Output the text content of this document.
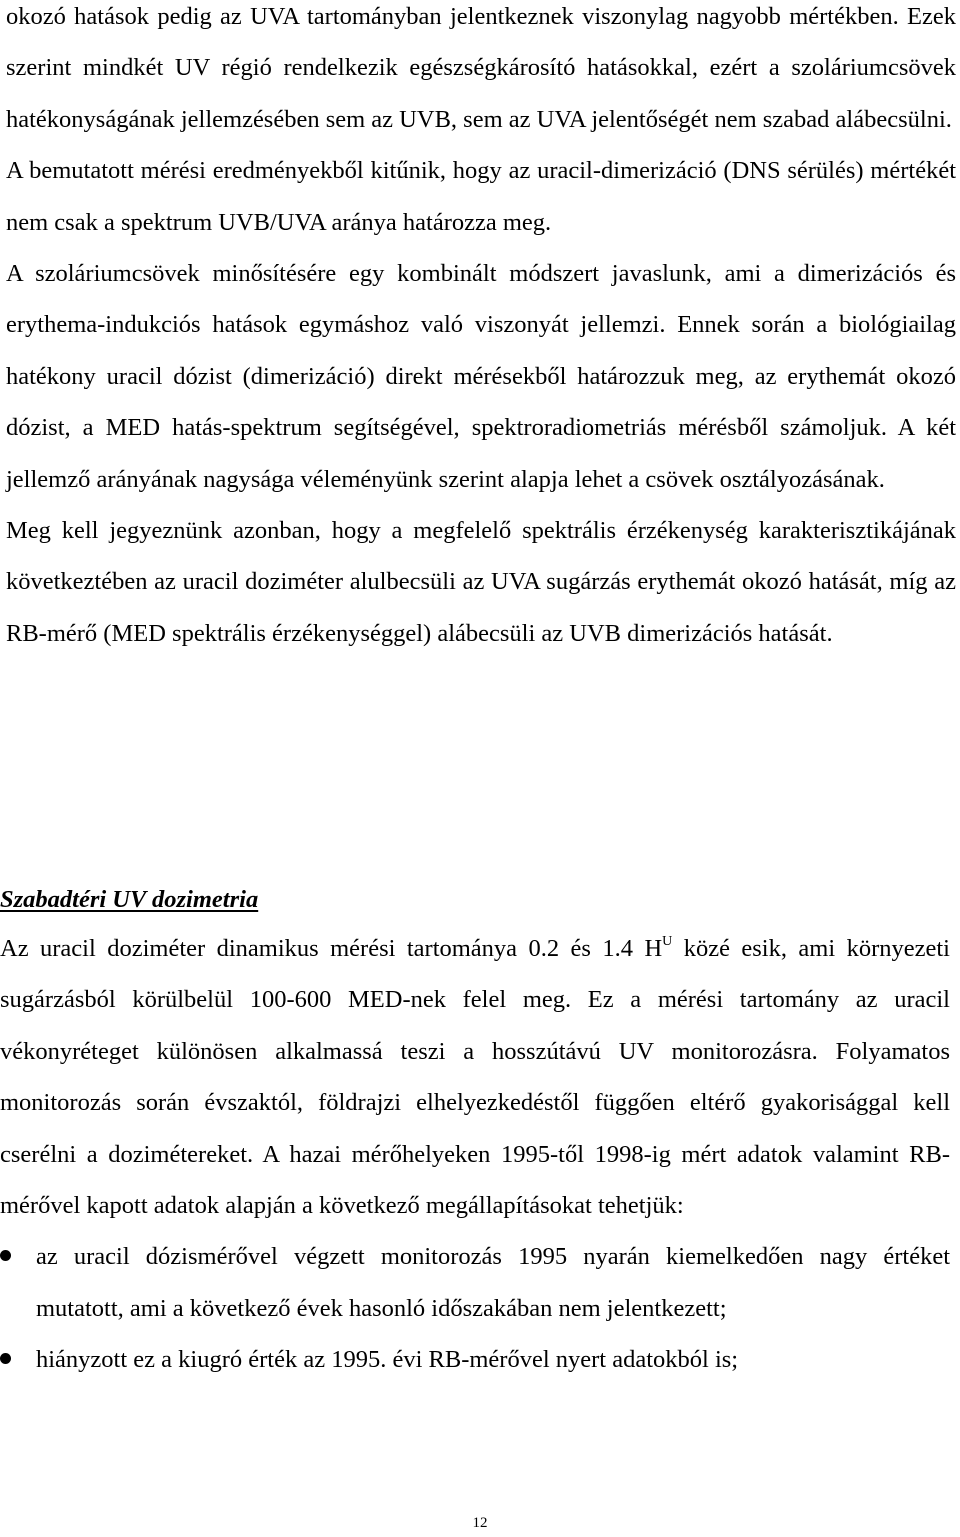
okozó hatások pedig az UVA tartományban jelentkeznek viszonylag nagyobb mértékben. Ezek szerint mindkét UV régió rendelkezik egészségkárosító hatásokkal, ezért a szoláriumcsövek hatékonyságának jellemzésében sem az UVB, sem az UVA jelentőségét nem szabad alábecsülni.

A bemutatott mérési eredményekből kitűnik, hogy az uracil-dimerizáció (DNS sérülés) mértékét nem csak a spektrum UVB/UVA aránya határozza meg.

A szoláriumcsövek minősítésére egy kombinált módszert javaslunk, ami a dimerizációs és erythema-indukciós hatások egymáshoz való viszonyát jellemzi. Ennek során a biológiailag hatékony uracil dózist (dimerizáció) direkt mérésekből határozzuk meg, az erythemát okozó dózist, a MED hatás-spektrum segítségével, spektroradiometriás mérésből számoljuk. A két jellemző arányának nagysága véleményünk szerint alapja lehet a csövek osztályozásának.

Meg kell jegyeznünk azonban, hogy a megfelelő spektrális érzékenység karakterisztikájának következtében az uracil doziméter alulbecsüli az UVA sugárzás erythemát okozó hatását, míg az RB-mérő (MED spektrális érzékenységgel) alábecsüli az UVB dimerizációs hatását.

Szabadtéri UV dozimetria

Az uracil doziméter dinamikus mérési tartománya 0.2 és 1.4 $H^U$ közé esik, ami környezeti sugárzásból körülbelül 100-600 MED-nek felel meg. Ez a mérési tartomány az uracil vékonyréteget különösen alkalmassá teszi a hosszútávú UV monitorozásra. Folyamatos monitorozás során évszaktól, földrajzi elhelyezkedéstől függően eltérő gyakorisággal kell cserélni a dozimétereket. A hazai mérőhelyeken 1995-től 1998-ig mért adatok valamint RB-mérővel kapott adatok alapján a következő megállapításokat tehetjük:

az uracil dózismérővel végzett monitorozás 1995 nyarán kiemelkedően nagy értéket mutatott, ami a következő évek hasonló időszakában nem jelentkezett;
hiányzott ez a kiugró érték az 1995. évi RB-mérővel nyert adatokból is;
12
